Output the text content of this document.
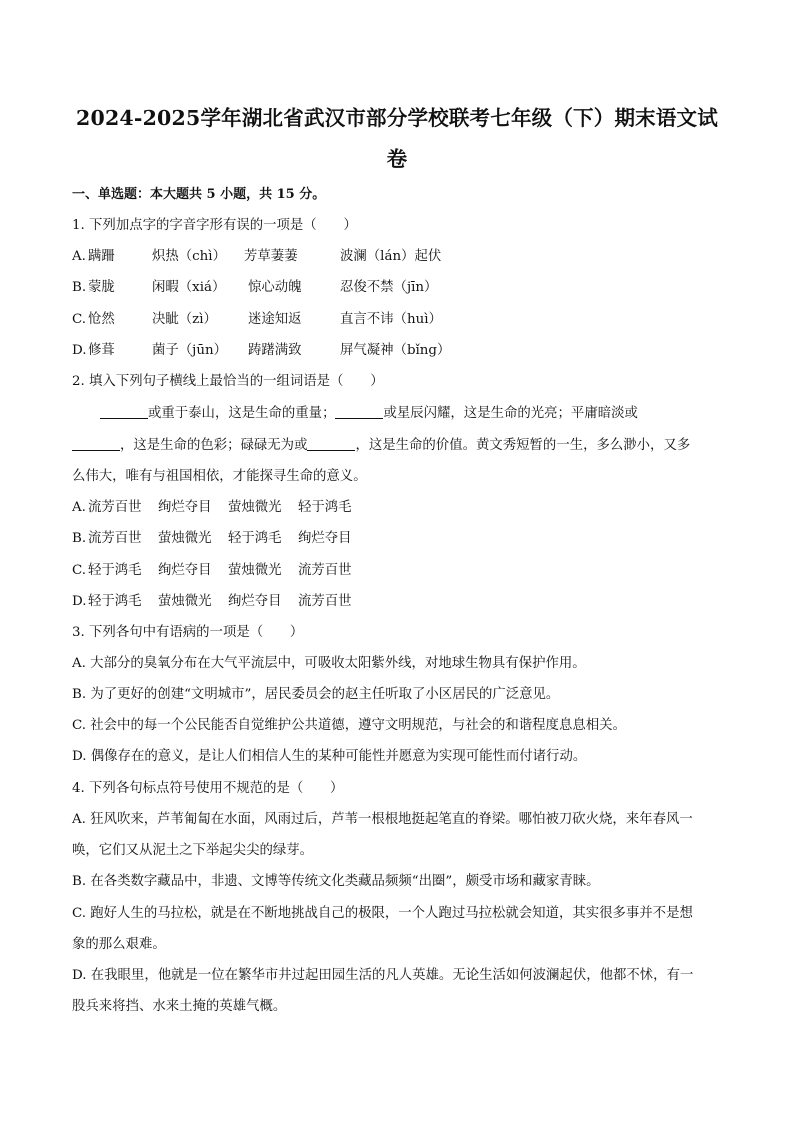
2024-2025学年湖北省武汉市部分学校联考七年级（下）期末语文试
卷
一、单选题：本大题共 5 小题，共 15 分。
1. 下列加点字的字音字形有误的一项是（　　）
A. 蹒跚	炽热（chì） 芳草萋萋	波澜（lán）起伏
B. 蒙胧	闲暇（xiá） 惊心动魄	忍俊不禁（jīn）
C. 怆然	决眦（zì） 迷途知返	直言不讳（huì）
D.修葺	菌子（jūn） 踌躇满致	屏气凝神（bǐng）
2. 填入下列句子横线上最恰当的一组词语是（　　）
或重于泰山，这是生命的重量；	或星辰闪耀，这是生命的光亮；平庸暗淡或
，这是生命的色彩；碌碌无为或	，这是生命的价值。黄文秀短暂的一生，多么渺小，又多
么伟大，唯有与祖国相依，才能探寻生命的意义。
A. 流芳百世 绚烂夺目 萤烛微光 轻于鸿毛
B. 流芳百世 萤烛微光 轻于鸿毛 绚烂夺目
C. 轻于鸿毛 绚烂夺目 萤烛微光 流芳百世
D.轻于鸿毛 萤烛微光 绚烂夺目 流芳百世
3. 下列各句中有语病的一项是（　　）
A. 大部分的臭氧分布在大气平流层中，可吸收太阳紫外线，对地球生物具有保护作用。
B. 为了更好的创建“文明城市”，居民委员会的赵主任听取了小区居民的广泛意见。
C. 社会中的每一个公民能否自觉维护公共道德，遵守文明规范，与社会的和谐程度息息相关。
D. 偶像存在的意义，是让人们相信人生的某种可能性并愿意为实现可能性而付诸行动。
4. 下列各句标点符号使用不规范的是（　　）
A. 狂风吹来，芦苇匍匐在水面，风雨过后，芦苇一根根地挺起笔直的脊梁。哪怕被刀砍火烧，来年春风一
唤，它们又从泥土之下举起尖尖的绿芽。
B. 在各类数字藏品中，非遗、文博等传统文化类藏品频频“出圈”，颇受市场和藏家青睐。
C. 跑好人生的马拉松，就是在不断地挑战自己的极限，一个人跑过马拉松就会知道，其实很多事并不是想
象的那么艰难。
D. 在我眼里，他就是一位在繁华市井过起田园生活的凡人英雄。无论生活如何波澜起伏，他都不怵，有一
股兵来将挡、水来土掩的英雄气概。
